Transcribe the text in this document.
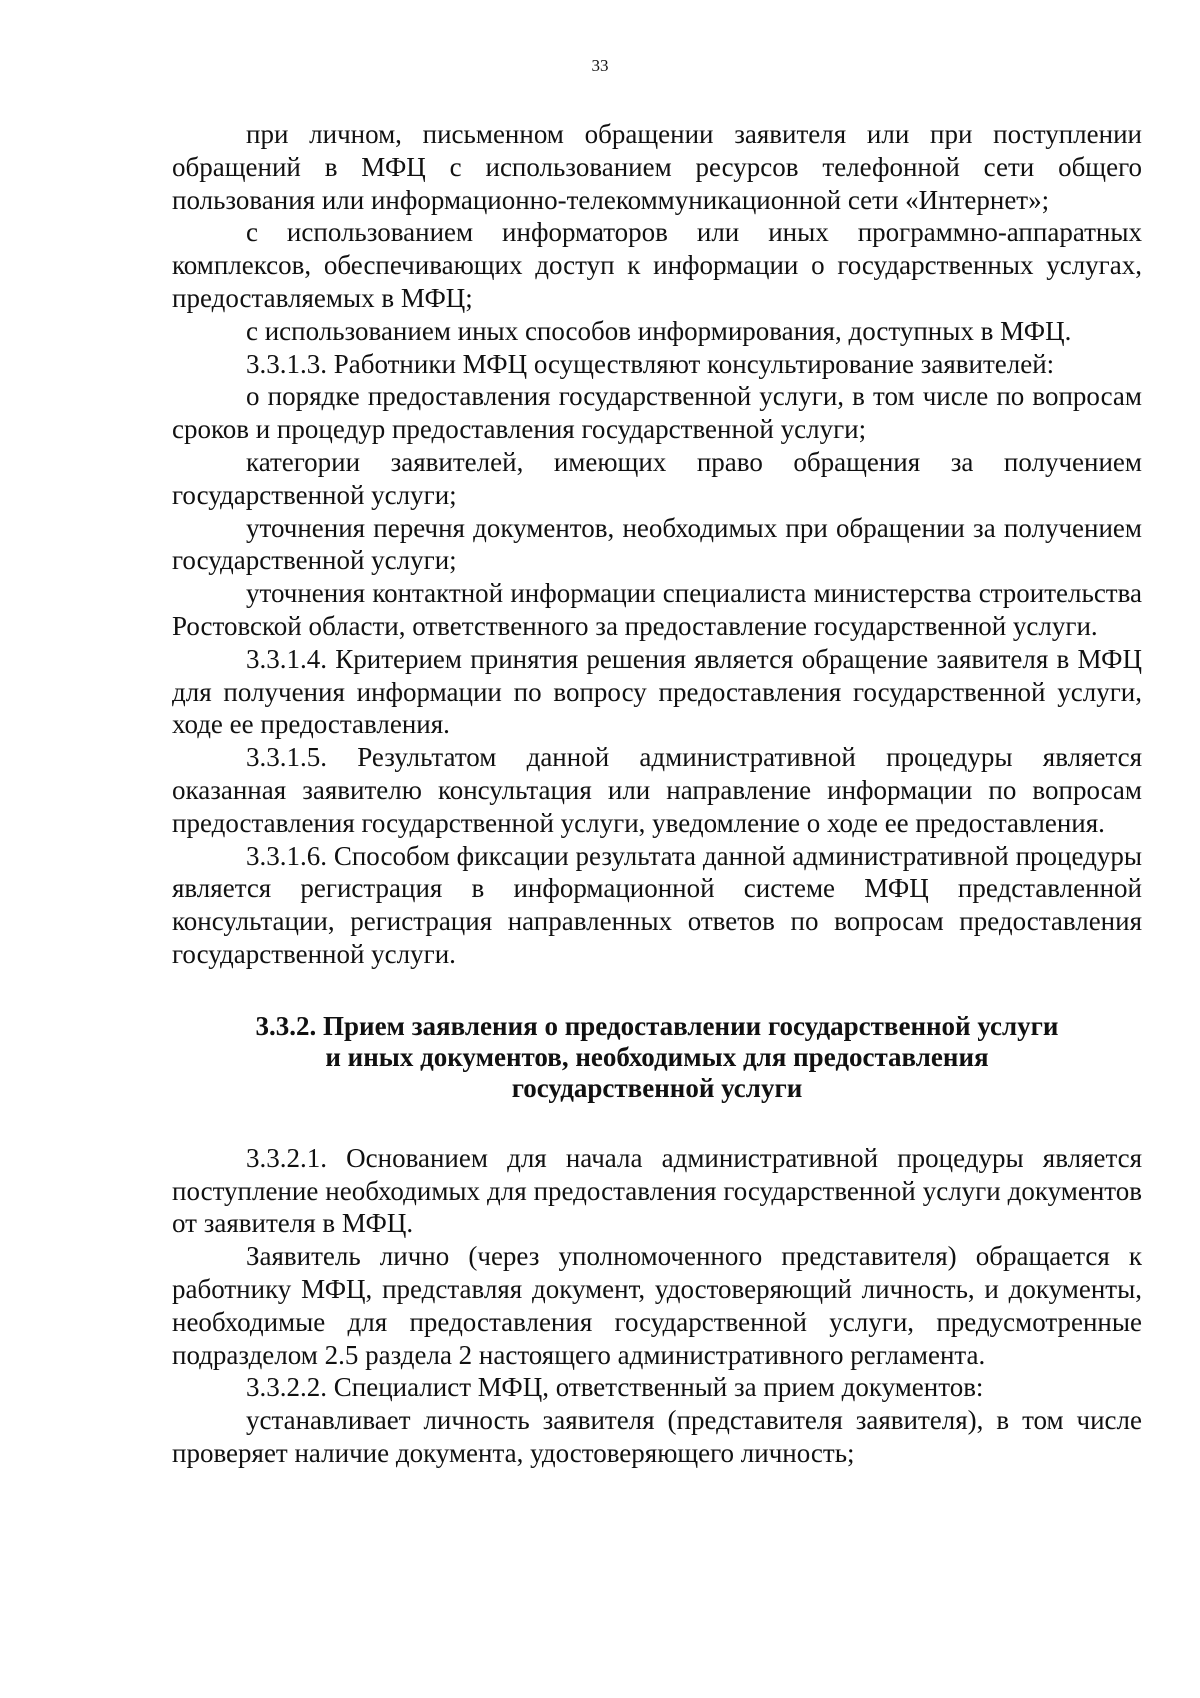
33

при личном, письменном обращении заявителя или при поступлении обращений в МФЦ с использованием ресурсов телефонной сети общего пользования или информационно-телекоммуникационной сети «Интернет»;

с использованием информаторов или иных программно-аппаратных комплексов, обеспечивающих доступ к информации о государственных услугах, предоставляемых в МФЦ;

с использованием иных способов информирования, доступных в МФЦ.

3.3.1.3. Работники МФЦ осуществляют консультирование заявителей:

о порядке предоставления государственной услуги, в том числе по вопросам сроков и процедур предоставления государственной услуги;

категории заявителей, имеющих право обращения за получением государственной услуги;

уточнения перечня документов, необходимых при обращении за получением государственной услуги;

уточнения контактной информации специалиста министерства строительства Ростовской области, ответственного за предоставление государственной услуги.

3.3.1.4. Критерием принятия решения является обращение заявителя в МФЦ для получения информации по вопросу предоставления государственной услуги, ходе ее предоставления.

3.3.1.5. Результатом данной административной процедуры является оказанная заявителю консультация или направление информации по вопросам предоставления государственной услуги, уведомление о ходе ее предоставления.

3.3.1.6. Способом фиксации результата данной административной процедуры является регистрация в информационной системе МФЦ представленной консультации, регистрация направленных ответов по вопросам предоставления государственной услуги.

3.3.2. Прием заявления о предоставлении государственной услуги
и иных документов, необходимых для предоставления
государственной услуги

3.3.2.1. Основанием для начала административной процедуры является поступление необходимых для предоставления государственной услуги документов от заявителя в МФЦ.

Заявитель лично (через уполномоченного представителя) обращается к работнику МФЦ, представляя документ, удостоверяющий личность, и документы, необходимые для предоставления государственной услуги, предусмотренные подразделом 2.5 раздела 2 настоящего административного регламента.

3.3.2.2. Специалист МФЦ, ответственный за прием документов:

устанавливает личность заявителя (представителя заявителя), в том числе проверяет наличие документа, удостоверяющего личность;
